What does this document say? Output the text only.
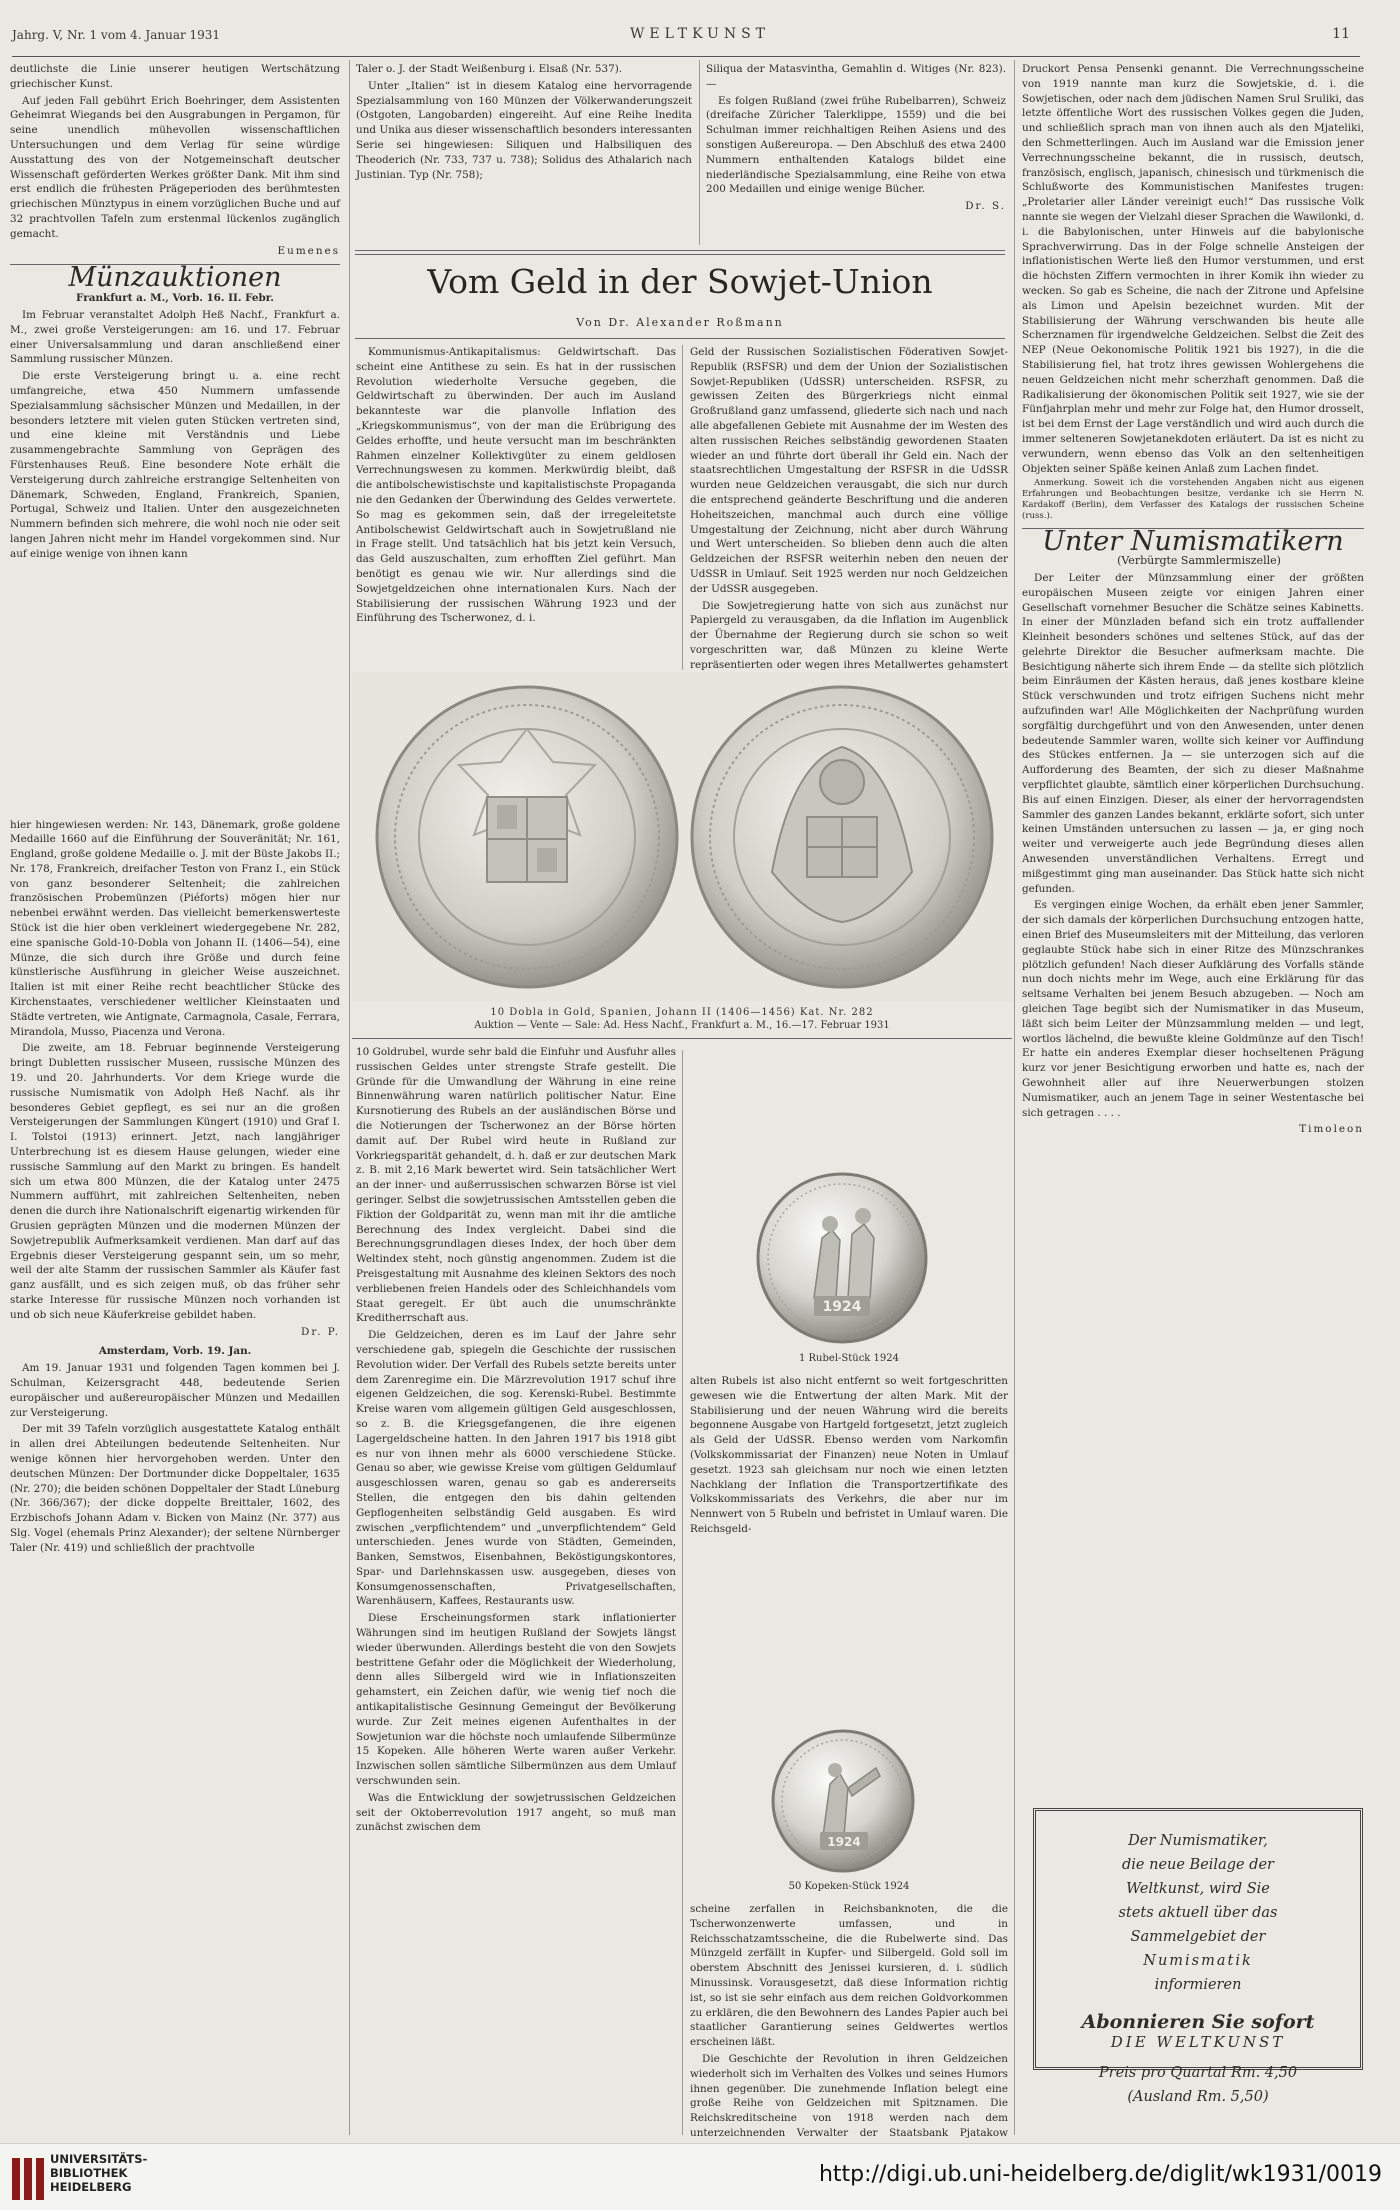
Jahrg. V, Nr. 1 vom 4. Januar 1931	WELTKUNST	11

deutlichste die Linie unserer heutigen Wertschätzung griechischer Kunst.

Auf jeden Fall gebührt Erich Boehringer, dem Assistenten Geheimrat Wiegands bei den Ausgrabungen in Pergamon, für seine unendlich mühevollen wissenschaftlichen Untersuchungen und dem Verlag für seine würdige Ausstattung des von der Notgemeinschaft deutscher Wissenschaft geförderten Werkes größter Dank. Mit ihm sind erst endlich die frühesten Prägeperioden des berühmtesten griechischen Münztypus in einem vorzüglichen Buche und auf 32 prachtvollen Tafeln zum erstenmal lückenlos zugänglich gemacht.

Eumenes

Münzauktionen

Frankfurt a. M., Vorb. 16. II. Febr.

Im Februar veranstaltet Adolph Heß Nachf., Frankfurt a. M., zwei große Versteigerungen: am 16. und 17. Februar einer Universalsammlung und daran anschließend einer Sammlung russischer Münzen.

Die erste Versteigerung bringt u. a. eine recht umfangreiche, etwa 450 Nummern umfassende Spezialsammlung sächsischer Münzen und Medaillen, in der besonders letztere mit vielen guten Stücken vertreten sind, und eine kleine mit Verständnis und Liebe zusammengebrachte Sammlung von Geprägen des Fürstenhauses Reuß. Eine besondere Note erhält die Versteigerung durch zahlreiche erstrangige Seltenheiten von Dänemark, Schweden, England, Frankreich, Spanien, Portugal, Schweiz und Italien. Unter den ausgezeichneten Nummern befinden sich mehrere, die wohl noch nie oder seit langen Jahren nicht mehr im Handel vorgekommen sind. Nur auf einige wenige von ihnen kann

hier hingewiesen werden: Nr. 143, Dänemark, große goldene Medaille 1660 auf die Einführung der Souveränität; Nr. 161, England, große goldene Medaille o. J. mit der Büste Jakobs II.; Nr. 178, Frankreich, dreifacher Teston von Franz I., ein Stück von ganz besonderer Seltenheit; die zahlreichen französischen Probemünzen (Piéforts) mögen hier nur nebenbei erwähnt werden. Das vielleicht bemerkenswerteste Stück ist die hier oben verkleinert wiedergegebene Nr. 282, eine spanische Gold-10-Dobla von Johann II. (1406—54), eine Münze, die sich durch ihre Größe und durch feine künstlerische Ausführung in gleicher Weise auszeichnet. Italien ist mit einer Reihe recht beachtlicher Stücke des Kirchenstaates, verschiedener weltlicher Kleinstaaten und Städte vertreten, wie Antignate, Carmagnola, Casale, Ferrara, Mirandola, Musso, Piacenza und Verona.

Die zweite, am 18. Februar beginnende Versteigerung bringt Dubletten russischer Museen, russische Münzen des 19. und 20. Jahrhunderts. Vor dem Kriege wurde die russische Numismatik von Adolph Heß Nachf. als ihr besonderes Gebiet gepflegt, es sei nur an die großen Versteigerungen der Sammlungen Küngert (1910) und Graf I. I. Tolstoi (1913) erinnert. Jetzt, nach langjähriger Unterbrechung ist es diesem Hause gelungen, wieder eine russische Sammlung auf den Markt zu bringen. Es handelt sich um etwa 800 Münzen, die der Katalog unter 2475 Nummern aufführt, mit zahlreichen Seltenheiten, neben denen die durch ihre Nationalschrift eigenartig wirkenden für Grusien geprägten Münzen und die modernen Münzen der Sowjetrepublik Aufmerksamkeit verdienen. Man darf auf das Ergebnis dieser Versteigerung gespannt sein, um so mehr, weil der alte Stamm der russischen Sammler als Käufer fast ganz ausfällt, und es sich zeigen muß, ob das früher sehr starke Interesse für russische Münzen noch vorhanden ist und ob sich neue Käuferkreise gebildet haben.

Dr. P.

Amsterdam, Vorb. 19. Jan.

Am 19. Januar 1931 und folgenden Tagen kommen bei J. Schulman, Keizersgracht 448, bedeutende Serien europäischer und außereuropäischer Münzen und Medaillen zur Versteigerung.

Der mit 39 Tafeln vorzüglich ausgestattete Katalog enthält in allen drei Abteilungen bedeutende Seltenheiten. Nur wenige können hier hervorgehoben werden. Unter den deutschen Münzen: Der Dortmunder dicke Doppeltaler, 1635 (Nr. 270); die beiden schönen Doppeltaler der Stadt Lüneburg (Nr. 366/367); der dicke doppelte Breittaler, 1602, des Erzbischofs Johann Adam v. Bicken von Mainz (Nr. 377) aus Slg. Vogel (ehemals Prinz Alexander); der seltene Nürnberger Taler (Nr. 419) und schließlich der prachtvolle

Taler o. J. der Stadt Weißenburg i. Elsaß (Nr. 537).

Unter „Italien“ ist in diesem Katalog eine hervorragende Spezialsammlung von 160 Münzen der Völkerwanderungszeit (Ostgoten, Langobarden) eingereiht. Auf eine Reihe Inedita und Unika aus dieser wissenschaftlich besonders interessanten Serie sei hingewiesen: Siliquen und Halbsiliquen des Theoderich (Nr. 733, 737 u. 738); Solidus des Athalarich nach Justinian. Typ (Nr. 758);

Siliqua der Matasvintha, Gemahlin d. Witiges (Nr. 823). —

Es folgen Rußland (zwei frühe Rubelbarren), Schweiz (dreifache Züricher Talerklippe, 1559) und die bei Schulman immer reichhaltigen Reihen Asiens und des sonstigen Außereuropa. — Den Abschluß des etwa 2400 Nummern enthaltenden Katalogs bildet eine niederländische Spezialsammlung, eine Reihe von etwa 200 Medaillen und einige wenige Bücher.

Dr. S.

Vom Geld in der Sowjet-Union
Von Dr. Alexander Roßmann

Kommunismus-Antikapitalismus: Geldwirtschaft. Das scheint eine Antithese zu sein. Es hat in der russischen Revolution wiederholte Versuche gegeben, die Geldwirtschaft zu überwinden. Der auch im Ausland bekannteste war die planvolle Inflation des „Kriegskommunismus“, von der man die Erübrigung des Geldes erhoffte, und heute versucht man im beschränkten Rahmen einzelner Kollektivgüter zu einem geldlosen Verrechnungswesen zu kommen. Merkwürdig bleibt, daß die antibolschewistischste und kapitalistischste Propaganda nie den Gedanken der Überwindung des Geldes verwertete. So mag es gekommen sein, daß der irregeleitetste Antibolschewist Geldwirtschaft auch in Sowjetrußland nie in Frage stellt. Und tatsächlich hat bis jetzt kein Versuch, das Geld auszuschalten, zum erhofften Ziel geführt. Man benötigt es genau wie wir. Nur allerdings sind die Sowjetgeldzeichen ohne internationalen Kurs. Nach der Stabilisierung der russischen Währung 1923 und der Einführung des Tscherwonez, d. i.

Geld der Russischen Sozialistischen Föderativen Sowjet-Republik (RSFSR) und dem der Union der Sozialistischen Sowjet-Republiken (UdSSR) unterscheiden. RSFSR, zu gewissen Zeiten des Bürgerkriegs nicht einmal Großrußland ganz umfassend, gliederte sich nach und nach alle abgefallenen Gebiete mit Ausnahme der im Westen des alten russischen Reiches selbständig gewordenen Staaten wieder an und führte dort überall ihr Geld ein. Nach der staatsrechtlichen Umgestaltung der RSFSR in die UdSSR wurden neue Geldzeichen verausgabt, die sich nur durch die entsprechend geänderte Beschriftung und die anderen Hoheitszeichen, manchmal auch durch eine völlige Umgestaltung der Zeichnung, nicht aber durch Währung und Wert unterscheiden. So blieben denn auch die alten Geldzeichen der RSFSR weiterhin neben den neuen der UdSSR in Umlauf. Seit 1925 werden nur noch Geldzeichen der UdSSR ausgegeben.

Die Sowjetregierung hatte von sich aus zunächst nur Papiergeld zu verausgaben, da die Inflation im Augenblick der Übernahme der Regierung durch sie schon so weit vorgeschritten war, daß Münzen zu kleine Werte repräsentierten oder wegen ihres Metallwertes gehamstert

10 Dobla in Gold, Spanien, Johann II (1406—1456) Kat. Nr. 282
Auktion — Vente — Sale: Ad. Hess Nachf., Frankfurt a. M., 16.—17. Februar 1931

10 Goldrubel, wurde sehr bald die Einfuhr und Ausfuhr alles russischen Geldes unter strengste Strafe gestellt. Die Gründe für die Umwandlung der Währung in eine reine Binnenwährung waren natürlich politischer Natur. Eine Kursnotierung des Rubels an der ausländischen Börse und die Notierungen der Tscherwonez an der Börse hörten damit auf. Der Rubel wird heute in Rußland zur Vorkriegsparität gehandelt, d. h. daß er zur deutschen Mark z. B. mit 2,16 Mark bewertet wird. Sein tatsächlicher Wert an der inner- und außerrussischen schwarzen Börse ist viel geringer. Selbst die sowjetrussischen Amtsstellen geben die Fiktion der Goldparität zu, wenn man mit ihr die amtliche Berechnung des Index vergleicht. Dabei sind die Berechnungsgrundlagen dieses Index, der hoch über dem Weltindex steht, noch günstig angenommen. Zudem ist die Preisgestaltung mit Ausnahme des kleinen Sektors des noch verbliebenen freien Handels oder des Schleichhandels vom Staat geregelt. Er übt auch die unumschränkte Kreditherrschaft aus.

Die Geldzeichen, deren es im Lauf der Jahre sehr verschiedene gab, spiegeln die Geschichte der russischen Revolution wider. Der Verfall des Rubels setzte bereits unter dem Zarenregime ein. Die Märzrevolution 1917 schuf ihre eigenen Geldzeichen, die sog. Kerenski-Rubel. Bestimmte Kreise waren vom allgemein gültigen Geld ausgeschlossen, so z. B. die Kriegsgefangenen, die ihre eigenen Lagergeldscheine hatten. In den Jahren 1917 bis 1918 gibt es nur von ihnen mehr als 6000 verschiedene Stücke. Genau so aber, wie gewisse Kreise vom gültigen Geldumlauf ausgeschlossen waren, genau so gab es andererseits Stellen, die entgegen den bis dahin geltenden Gepflogenheiten selbständig Geld ausgaben. Es wird zwischen „verpflichtendem“ und „unverpflichtendem“ Geld unterschieden. Jenes wurde von Städten, Gemeinden, Banken, Semstwos, Eisenbahnen, Beköstigungskontores, Spar- und Darlehnskassen usw. ausgegeben, dieses von Konsumgenossenschaften, Privatgesellschaften, Warenhäusern, Kaffees, Restaurants usw.

Diese Erscheinungsformen stark inflationierter Währungen sind im heutigen Rußland der Sowjets längst wieder überwunden. Allerdings besteht die von den Sowjets bestrittene Gefahr oder die Möglichkeit der Wiederholung, denn alles Silbergeld wird wie in Inflationszeiten gehamstert, ein Zeichen dafür, wie wenig tief noch die antikapitalistische Gesinnung Gemeingut der Bevölkerung wurde. Zur Zeit meines eigenen Aufenthaltes in der Sowjetunion war die höchste noch umlaufende Silbermünze 15 Kopeken. Alle höheren Werte waren außer Verkehr. Inzwischen sollen sämtliche Silbermünzen aus dem Umlauf verschwunden sein.

Was die Entwicklung der sowjetrussischen Geldzeichen seit der Oktoberrevolution 1917 angeht, so muß man zunächst zwischen dem

1924
1 Rubel-Stück 1924

alten Rubels ist also nicht entfernt so weit fortgeschritten gewesen wie die Entwertung der alten Mark. Mit der Stabilisierung und der neuen Währung wird die bereits begonnene Ausgabe von Hartgeld fortgesetzt, jetzt zugleich als Geld der UdSSR. Ebenso werden vom Narkomfin (Volkskommissariat der Finanzen) neue Noten in Umlauf gesetzt. 1923 sah gleichsam nur noch wie einen letzten Nachklang der Inflation die Transportzertifikate des Volkskommissariats des Verkehrs, die aber nur im Nennwert von 5 Rubeln und befristet in Umlauf waren. Die Reichsgeld-

1924
50 Kopeken-Stück 1924

scheine zerfallen in Reichsbanknoten, die die Tscherwonzenwerte umfassen, und in Reichsschatzamtsscheine, die die Rubelwerte sind. Das Münzgeld zerfällt in Kupfer- und Silbergeld. Gold soll im oberstem Abschnitt des Jenissei kursieren, d. i. südlich Minussinsk. Vorausgesetzt, daß diese Information richtig ist, so ist sie sehr einfach aus dem reichen Goldvorkommen zu erklären, die den Bewohnern des Landes Papier auch bei staatlicher Garantierung seines Geldwertes wertlos erscheinen läßt.

Die Geschichte der Revolution in ihren Geldzeichen wiederholt sich im Verhalten des Volkes und seines Humors ihnen gegenüber. Die zunehmende Inflation belegt eine große Reihe von Geldzeichen mit Spitznamen. Die Reichskreditscheine von 1918 werden nach dem unterzeichnenden Verwalter der Staatsbank Pjatakow

Druckort Pensa Pensenki genannt. Die Verrechnungsscheine von 1919 nannte man kurz die Sowjetskie, d. i. die Sowjetischen, oder nach dem jüdischen Namen Srul Sruliki, das letzte öffentliche Wort des russischen Volkes gegen die Juden, und schließlich sprach man von ihnen auch als den Mjateliki, den Schmetterlingen. Auch im Ausland war die Emission jener Verrechnungsscheine bekannt, die in russisch, deutsch, französisch, englisch, japanisch, chinesisch und türkmenisch die Schlußworte des Kommunistischen Manifestes trugen: „Proletarier aller Länder vereinigt euch!“ Das russische Volk nannte sie wegen der Vielzahl dieser Sprachen die Wawilonki, d. i. die Babylonischen, unter Hinweis auf die babylonische Sprachverwirrung. Das in der Folge schnelle Ansteigen der inflationistischen Werte ließ den Humor verstummen, und erst die höchsten Ziffern vermochten in ihrer Komik ihn wieder zu wecken. So gab es Scheine, die nach der Zitrone und Apfelsine als Limon und Apelsin bezeichnet wurden. Mit der Stabilisierung der Währung verschwanden bis heute alle Scherznamen für irgendwelche Geldzeichen. Selbst die Zeit des NEP (Neue Oekonomische Politik 1921 bis 1927), in die die Stabilisierung fiel, hat trotz ihres gewissen Wohlergehens die neuen Geldzeichen nicht mehr scherzhaft genommen. Daß die Radikalisierung der ökonomischen Politik seit 1927, wie sie der Fünfjahrplan mehr und mehr zur Folge hat, den Humor drosselt, ist bei dem Ernst der Lage verständlich und wird auch durch die immer selteneren Sowjetanekdoten erläutert. Da ist es nicht zu verwundern, wenn ebenso das Volk an den seltenheitigen Objekten seiner Späße keinen Anlaß zum Lachen findet.

Anmerkung. Soweit ich die vorstehenden Angaben nicht aus eigenen Erfahrungen und Beobachtungen besitze, verdanke ich sie Herrn N. Kardakoff (Berlin), dem Verfasser des Katalogs der russischen Scheine (russ.).

Unter Numismatikern

(Verbürgte Sammlermiszelle)

Der Leiter der Münzsammlung einer der größten europäischen Museen zeigte vor einigen Jahren einer Gesellschaft vornehmer Besucher die Schätze seines Kabinetts. In einer der Münzladen befand sich ein trotz auffallender Kleinheit besonders schönes und seltenes Stück, auf das der gelehrte Direktor die Besucher aufmerksam machte. Die Besichtigung näherte sich ihrem Ende — da stellte sich plötzlich beim Einräumen der Kästen heraus, daß jenes kostbare kleine Stück verschwunden und trotz eifrigen Suchens nicht mehr aufzufinden war! Alle Möglichkeiten der Nachprüfung wurden sorgfältig durchgeführt und von den Anwesenden, unter denen bedeutende Sammler waren, wollte sich keiner vor Auffindung des Stückes entfernen. Ja — sie unterzogen sich auf die Aufforderung des Beamten, der sich zu dieser Maßnahme verpflichtet glaubte, sämtlich einer körperlichen Durchsuchung. Bis auf einen Einzigen. Dieser, als einer der hervorragendsten Sammler des ganzen Landes bekannt, erklärte sofort, sich unter keinen Umständen untersuchen zu lassen — ja, er ging noch weiter und verweigerte auch jede Begründung dieses allen Anwesenden unverständlichen Verhaltens. Erregt und mißgestimmt ging man auseinander. Das Stück hatte sich nicht gefunden.

Es vergingen einige Wochen, da erhält eben jener Sammler, der sich damals der körperlichen Durchsuchung entzogen hatte, einen Brief des Museumsleiters mit der Mitteilung, das verloren geglaubte Stück habe sich in einer Ritze des Münzschrankes plötzlich gefunden! Nach dieser Aufklärung des Vorfalls stände nun doch nichts mehr im Wege, auch eine Erklärung für das seltsame Verhalten bei jenem Besuch abzugeben. — Noch am gleichen Tage begibt sich der Numismatiker in das Museum, läßt sich beim Leiter der Münzsammlung melden — und legt, wortlos lächelnd, die bewußte kleine Goldmünze auf den Tisch! Er hatte ein anderes Exemplar dieser hochseltenen Prägung kurz vor jener Besichtigung erworben und hatte es, nach der Gewohnheit aller auf ihre Neuerwerbungen stolzen Numismatiker, auch an jenem Tage in seiner Westentasche bei sich getragen . . . .

Timoleon

Der Numismatiker,
die neue Beilage der
Weltkunst, wird Sie
stets aktuell über das
Sammelgebiet der
Numismatik
informieren
Abonnieren Sie sofort
DIE WELTKUNST
Preis pro Quartal Rm. 4,50
(Ausland Rm. 5,50)
UNIVERSITÄTS-
BIBLIOTHEK
HEIDELBERG	http://digi.ub.uni-heidelberg.de/diglit/wk1931/0019
